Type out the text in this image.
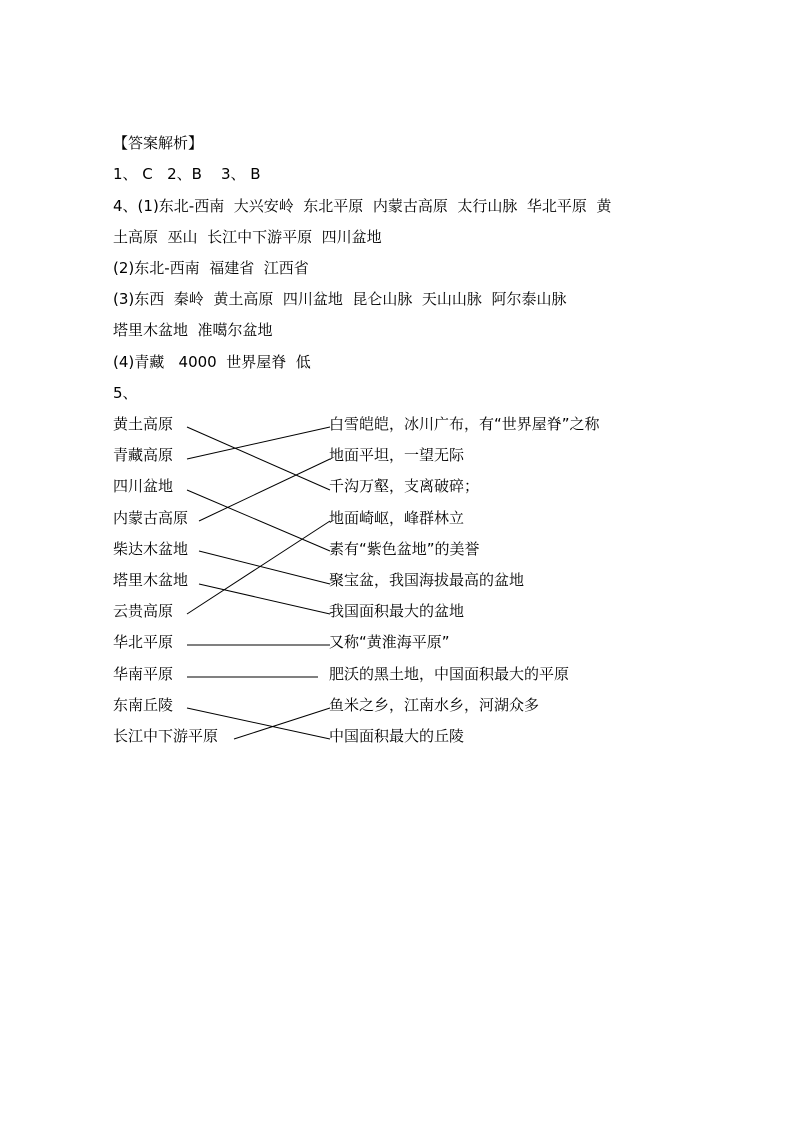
【答案解析】
1、 C   2、B    3、 B
4、(1)东北-西南  大兴安岭  东北平原  内蒙古高原  太行山脉  华北平原  黄
土高原  巫山  长江中下游平原  四川盆地
(2)东北-西南  福建省  江西省
(3)东西  秦岭  黄土高原  四川盆地  昆仑山脉  天山山脉  阿尔泰山脉
塔里木盆地  准噶尔盆地
(4)青藏   4000  世界屋脊  低
5、
黄土高原
青藏高原
四川盆地
内蒙古高原
柴达木盆地
塔里木盆地
云贵高原
华北平原
华南平原
东南丘陵
长江中下游平原
白雪皑皑，冰川广布，有“世界屋脊”之称
地面平坦，一望无际
千沟万壑，支离破碎；
地面崎岖，峰群林立
素有“紫色盆地”的美誉
聚宝盆，我国海拔最高的盆地
我国面积最大的盆地
又称“黄淮海平原”
肥沃的黑土地，中国面积最大的平原
鱼米之乡，江南水乡，河湖众多
中国面积最大的丘陵
